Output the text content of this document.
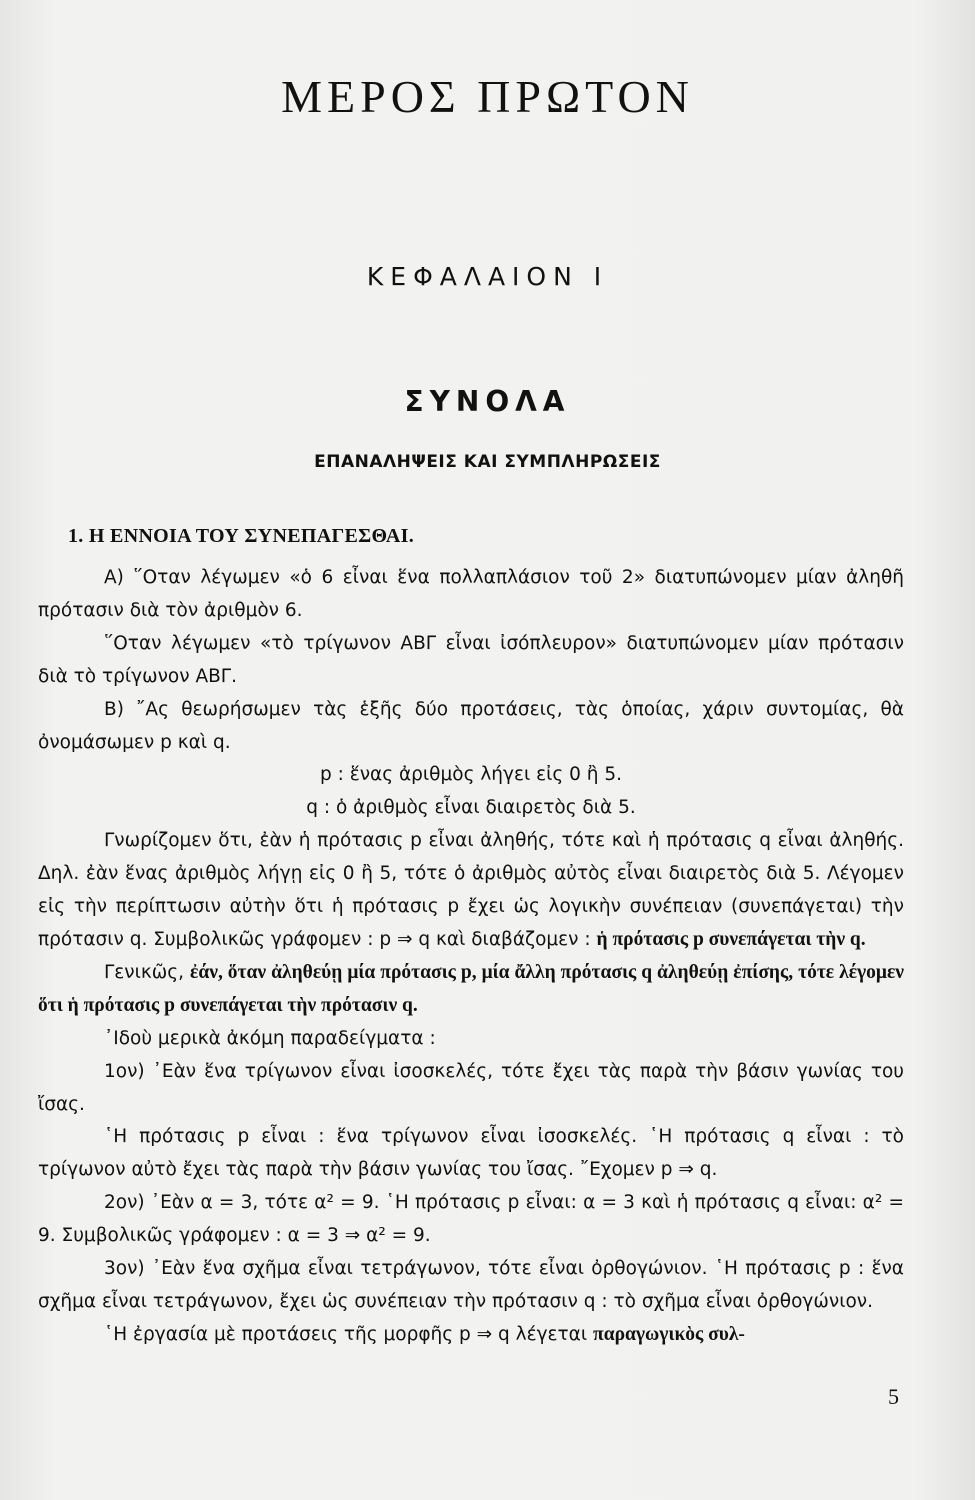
ΜΕΡΟΣ ΠΡΩΤΟΝ
ΚΕΦΑΛΑΙΟΝ Ι
ΣΥΝΟΛΑ
ΕΠΑΝΑΛΗΨΕΙΣ ΚΑΙ ΣΥΜΠΛΗΡΩΣΕΙΣ
1. Η ΕΝΝΟΙΑ ΤΟΥ ΣΥΝΕΠΑΓΕΣΘΑΙ.

Α) ῞Οταν λέγωμεν «ὁ 6 εἶναι ἕνα πολλαπλάσιον τοῦ 2» διατυπώνομεν μίαν ἀληθῆ πρότασιν διὰ τὸν ἀριθμὸν 6.

῞Οταν λέγωμεν «τὸ τρίγωνον ΑΒΓ εἶναι ἰσόπλευρον» διατυπώνομεν μίαν πρότασιν διὰ τὸ τρίγωνον ΑΒΓ.

Β) ῎Ας θεωρήσωμεν τὰς ἑξῆς δύο προτάσεις, τὰς ὁποίας, χάριν συντομίας, θὰ ὀνομάσωμεν p καὶ q.

p : ἕνας ἀριθμὸς λήγει εἰς 0 ἢ 5.

q : ὁ ἀριθμὸς εἶναι διαιρετὸς διὰ 5.

Γνωρίζομεν ὅτι, ἐὰν ἡ πρότασις p εἶναι ἀληθής, τότε καὶ ἡ πρότασις q εἶναι ἀληθής. Δηλ. ἐὰν ἕνας ἀριθμὸς λήγῃ εἰς 0 ἢ 5, τότε ὁ ἀριθμὸς αὐτὸς εἶναι διαιρετὸς διὰ 5. Λέγομεν εἰς τὴν περίπτωσιν αὐτὴν ὅτι ἡ πρότασις p ἔχει ὡς λογικὴν συνέπειαν (συνεπάγεται) τὴν πρότασιν q. Συμβολικῶς γράφομεν : p ⇒ q καὶ διαβάζομεν : ἡ πρότασις p συνεπάγεται τὴν q.

Γενικῶς, ἐάν, ὅταν ἀληθεύῃ μία πρότασις p, μία ἄλλη πρότασις q ἀληθεύῃ ἐπίσης, τότε λέγομεν ὅτι ἡ πρότασις p συνεπάγεται τὴν πρότασιν q.

᾿Ιδοὺ μερικὰ ἀκόμη παραδείγματα :

1ον) ᾿Εὰν ἕνα τρίγωνον εἶναι ἰσοσκελές, τότε ἔχει τὰς παρὰ τὴν βάσιν γωνίας του ἴσας.

῾Η πρότασις p εἶναι : ἕνα τρίγωνον εἶναι ἰσοσκελές. ῾Η πρότασις q εἶναι : τὸ τρίγωνον αὐτὸ ἔχει τὰς παρὰ τὴν βάσιν γωνίας του ἴσας. ῎Εχομεν p ⇒ q.

2ον) ᾿Εὰν α = 3, τότε α² = 9. ῾Η πρότασις p εἶναι: α = 3 καὶ ἡ πρότασις q εἶναι: α² = 9. Συμβολικῶς γράφομεν : α = 3 ⇒ α² = 9.

3ον) ᾿Εὰν ἕνα σχῆμα εἶναι τετράγωνον, τότε εἶναι ὀρθογώνιον. ῾Η πρότασις p : ἕνα σχῆμα εἶναι τετράγωνον, ἔχει ὡς συνέπειαν τὴν πρότασιν q : τὸ σχῆμα εἶναι ὀρθογώνιον.

῾Η ἐργασία μὲ προτάσεις τῆς μορφῆς p ⇒ q λέγεται παραγωγικὸς συλ-

5
